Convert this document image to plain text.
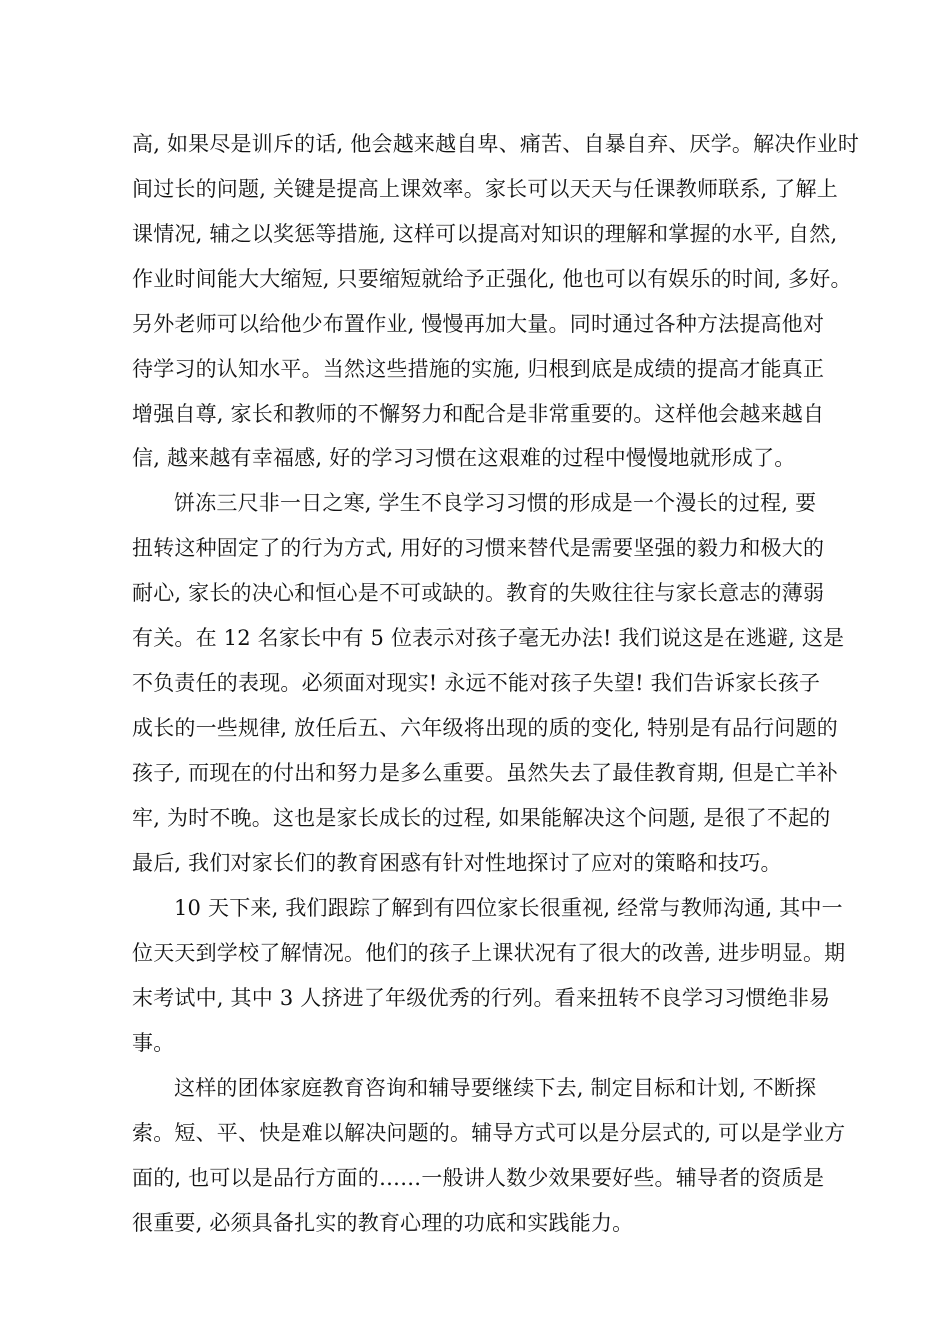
高, 如果尽是训斥的话, 他会越来越自卑、痛苦、自暴自弃、厌学。解决作业时
间过长的问题, 关键是提高上课效率。家长可以天天与任课教师联系, 了解上
课情况, 辅之以奖惩等措施, 这样可以提高对知识的理解和掌握的水平, 自然,
作业时间能大大缩短, 只要缩短就给予正强化, 他也可以有娱乐的时间, 多好。
另外老师可以给他少布置作业, 慢慢再加大量。同时通过各种方法提高他对
待学习的认知水平。当然这些措施的实施, 归根到底是成绩的提高才能真正
增强自尊, 家长和教师的不懈努力和配合是非常重要的。这样他会越来越自
信, 越来越有幸福感, 好的学习习惯在这艰难的过程中慢慢地就形成了。
饼冻三尺非一日之寒, 学生不良学习习惯的形成是一个漫长的过程, 要
扭转这种固定了的行为方式, 用好的习惯来替代是需要坚强的毅力和极大的
耐心, 家长的决心和恒心是不可或缺的。教育的失败往往与家长意志的薄弱
有关。在 12 名家长中有 5 位表示对孩子毫无办法! 我们说这是在逃避, 这是
不负责任的表现。必须面对现实! 永远不能对孩子失望! 我们告诉家长孩子
成长的一些规律, 放任后五、六年级将出现的质的变化, 特别是有品行问题的
孩子, 而现在的付出和努力是多么重要。虽然失去了最佳教育期, 但是亡羊补
牢, 为时不晚。这也是家长成长的过程, 如果能解决这个问题, 是很了不起的
最后, 我们对家长们的教育困惑有针对性地探讨了应对的策略和技巧。
10 天下来, 我们跟踪了解到有四位家长很重视, 经常与教师沟通, 其中一
位天天到学校了解情况。他们的孩子上课状况有了很大的改善, 进步明显。期
末考试中, 其中 3 人挤进了年级优秀的行列。看来扭转不良学习习惯绝非易
事。
这样的团体家庭教育咨询和辅导要继续下去, 制定目标和计划, 不断探
索。短、平、快是难以解决问题的。辅导方式可以是分层式的, 可以是学业方
面的, 也可以是品行方面的……一般讲人数少效果要好些。辅导者的资质是
很重要, 必须具备扎实的教育心理的功底和实践能力。
